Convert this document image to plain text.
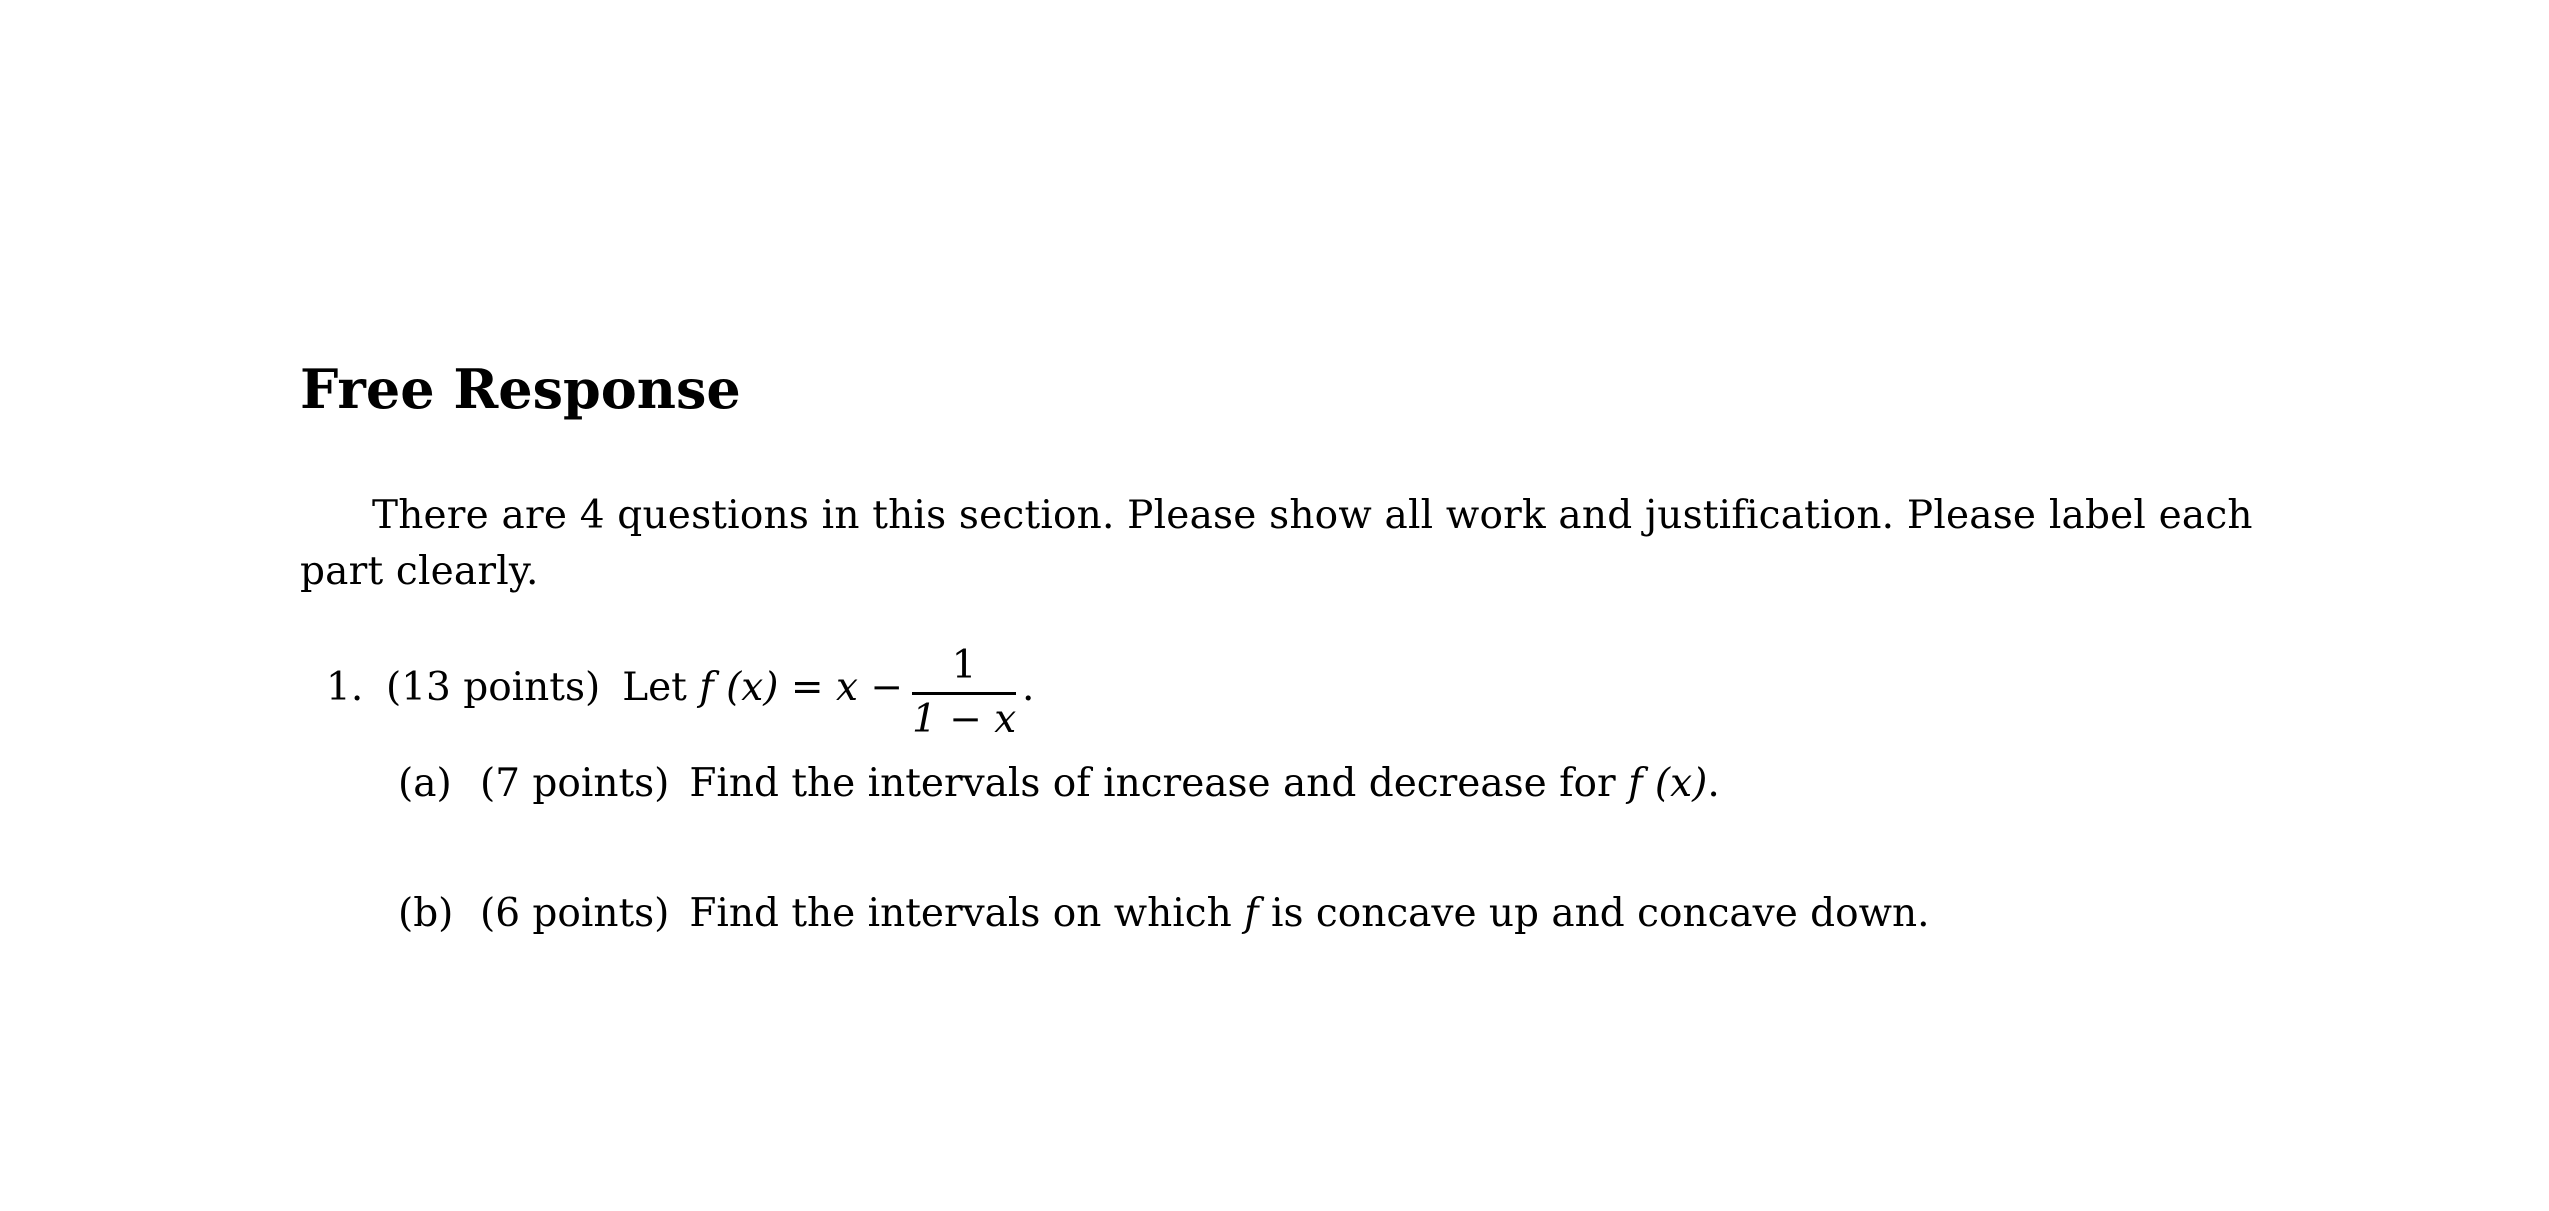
Free Response
There are 4 questions in this section. Please show all work and justification. Please label each part clearly.
1. (13 points) Let f $(x) = x - \frac{1}{1 - x}$ .
(a) (7 points) Find the intervals of increase and decrease for f (x).
(b) (6 points) Find the intervals on which f is concave up and concave down.
